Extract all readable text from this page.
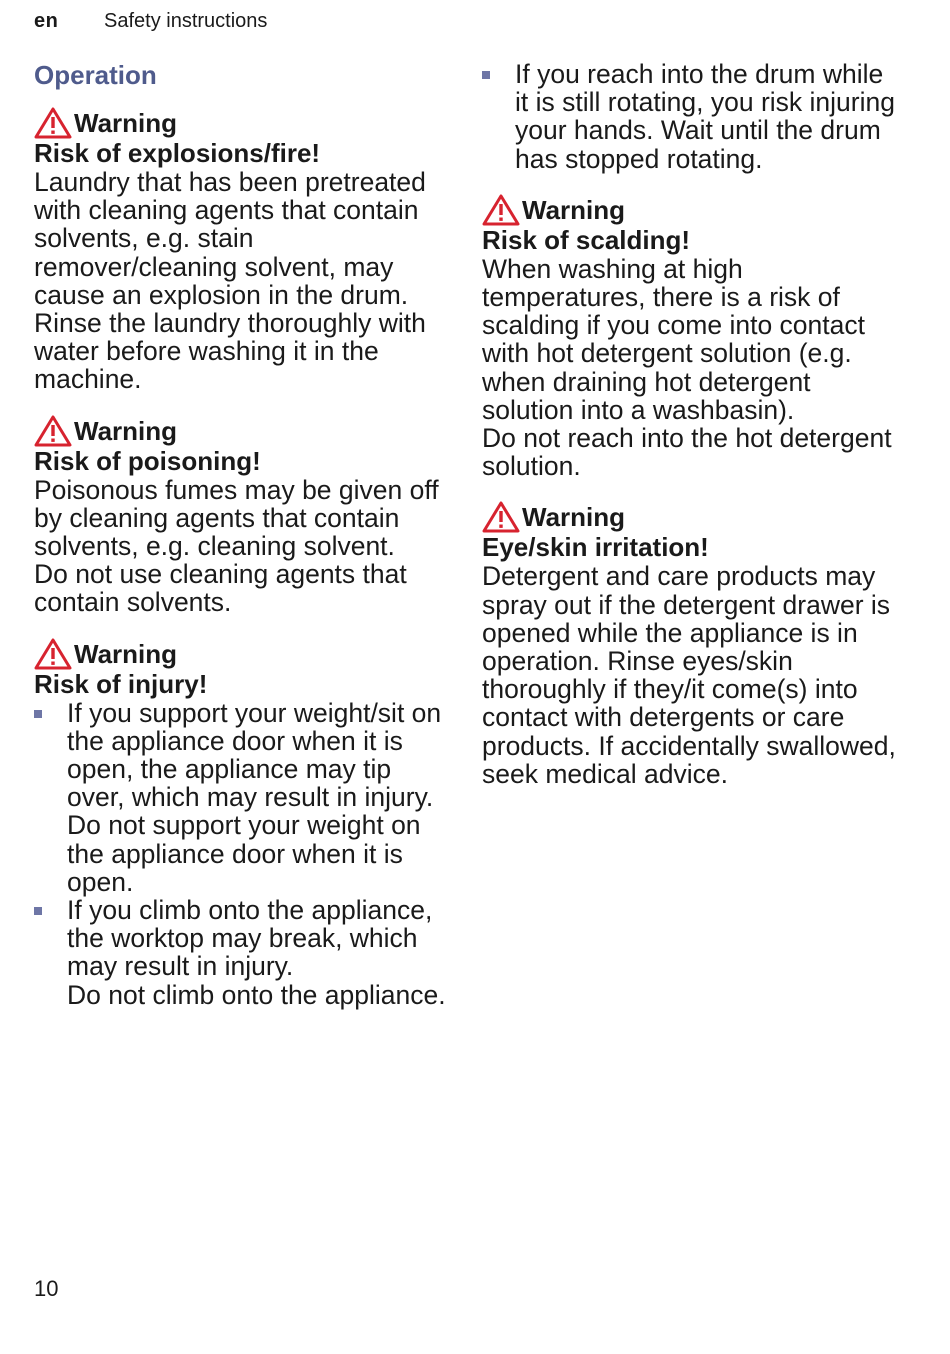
en Safety instructions
Operation
Warning
Risk of explosions/fire!

Laundry that has been pretreated with cleaning agents that contain solvents, e.g. stain remover/cleaning solvent, may cause an explosion in the drum. Rinse the laundry thoroughly with water before washing it in the machine.

Warning
Risk of poisoning!

Poisonous fumes may be given off by cleaning agents that contain solvents, e.g. cleaning solvent.

Do not use cleaning agents that contain solvents.

Warning
Risk of injury!
If you support your weight/sit on the appliance door when it is open, the appliance may tip over, which may result in injury.
Do not support your weight on the appliance door when it is open.
If you climb onto the appliance, the worktop may break, which may result in injury.
Do not climb onto the appliance.
If you reach into the drum while it is still rotating, you risk injuring your hands. Wait until the drum has stopped rotating.
Warning
Risk of scalding!

When washing at high temperatures, there is a risk of scalding if you come into contact with hot detergent solution (e.g. when draining hot detergent solution into a washbasin).

Do not reach into the hot detergent solution.

Warning
Eye/skin irritation!

Detergent and care products may spray out if the detergent drawer is opened while the appliance is in operation. Rinse eyes/skin thoroughly if they/it come(s) into contact with detergents or care products. If accidentally swallowed, seek medical advice.

10
